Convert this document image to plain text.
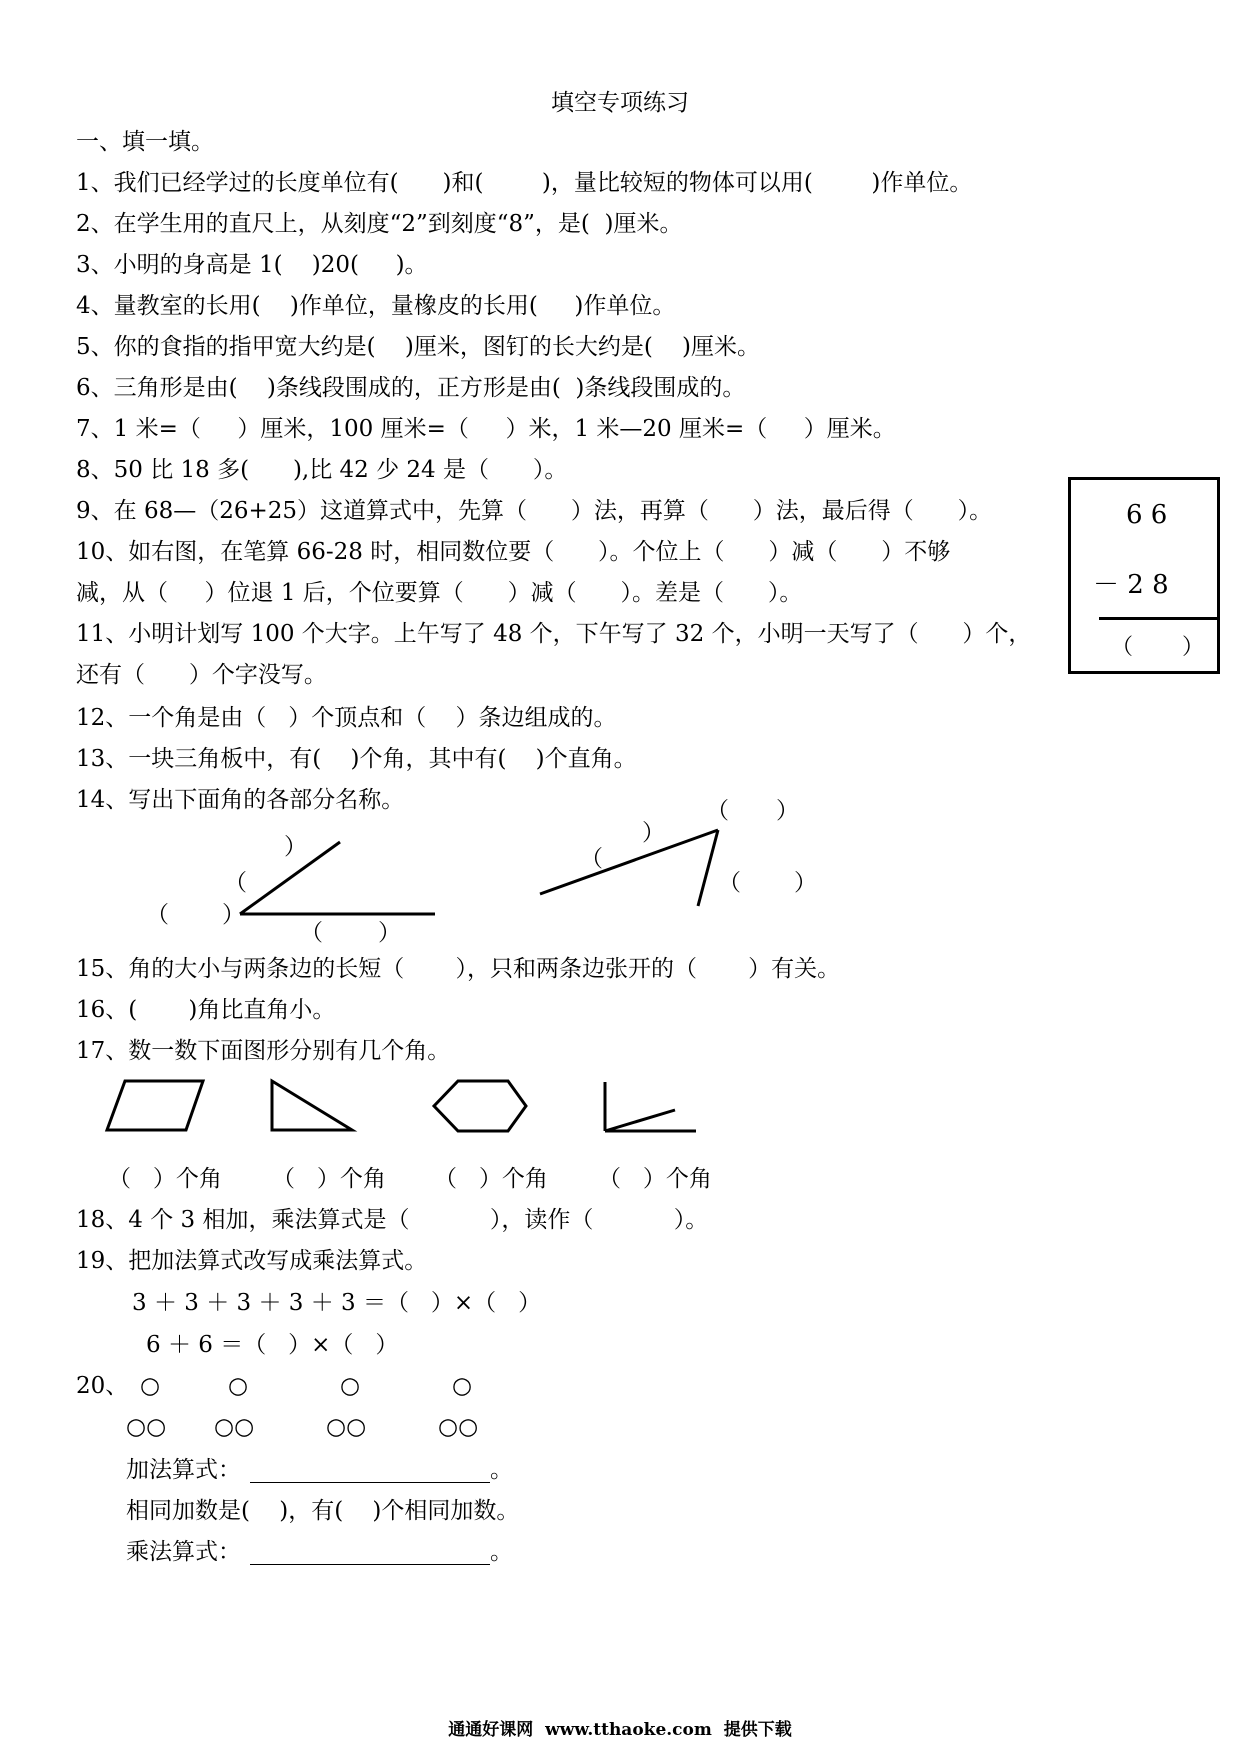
填空专项练习
一、填一填。
1、我们已经学过的长度单位有(      )和(        )，量比较短的物体可以用(        )作单位。
2、在学生用的直尺上，从刻度“2”到刻度“8”，是(  )厘米。
3、小明的身高是 1(    )20(     )。
4、量教室的长用(    )作单位，量橡皮的长用(     )作单位。
5、你的食指的指甲宽大约是(    )厘米，图钉的长大约是(    )厘米。
6、三角形是由(    )条线段围成的，正方形是由(  )条线段围成的。
7、1 米=（     ）厘米，100 厘米=（     ）米，1 米—20 厘米=（     ）厘米。
8、50 比 18 多(      ),比 42 少 24 是（      ）。
9、在 68—（26+25）这道算式中，先算（      ）法，再算（      ）法，最后得（      ）。
10、如右图，在笔算 66-28 时，相同数位要（      ）。个位上（      ）减（      ）不够
减，从（     ）位退 1 后，个位要算（      ）减（      ）。差是（      ）。
11、小明计划写 100 个大字。上午写了 48 个，下午写了 32 个，小明一天写了（      ）个，
还有（      ）个字没写。
12、一个角是由（   ）个顶点和（    ）条边组成的。
13、一块三角板中，有(    )个角，其中有(    )个直角。
14、写出下面角的各部分名称。
6 6
－ 2 8
（       ）
）
（
（ ）
（ ）
（ ）
）
（
（ ）
15、角的大小与两条边的长短（       ），只和两条边张开的（       ）有关。
16、(       )角比直角小。
17、数一数下面图形分别有几个角。
（   ）个角 （   ）个角 （   ）个角 （   ）个角
18、4 个 3 相加，乘法算式是（           ），读作（           ）。
19、把加法算式改写成乘法算式。
3 ＋ 3 ＋ 3 ＋ 3 ＋ 3 ＝（   ）×（   ）
6 ＋ 6 ＝（   ）×（   ）
20、 ○	○	○	○
○○ ○○	○○	○○
加法算式：	。
相同加数是(    )，有(    )个相同加数。
乘法算式：	。
通通好课网  www.tthaoke.com  提供下载
